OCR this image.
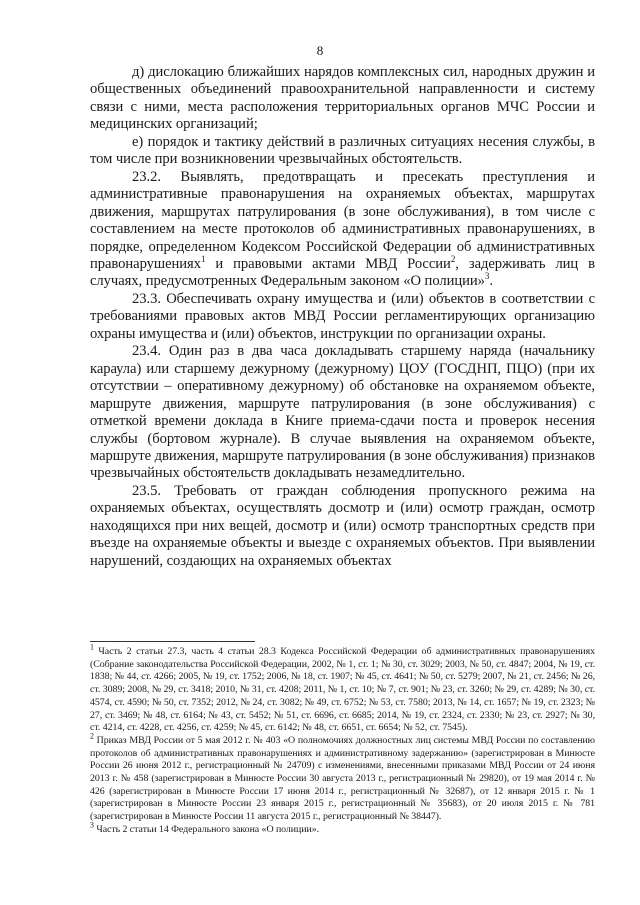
8

д) дислокацию ближайших нарядов комплексных сил, народных дружин и общественных объединений правоохранительной направленности и систему связи с ними, места расположения территориальных органов МЧС России и медицинских организаций;

е) порядок и тактику действий в различных ситуациях несения службы, в том числе при возникновении чрезвычайных обстоятельств.

23.2. Выявлять, предотвращать и пресекать преступления и административные правонарушения на охраняемых объектах, маршрутах движения, маршрутах патрулирования (в зоне обслуживания), в том числе с составлением на месте протоколов об административных правонарушениях, в порядке, определенном Кодексом Российской Федерации об административных правонарушениях$^1$ и правовыми актами МВД России$^2$, задерживать лиц в случаях, предусмотренных Федеральным законом «О полиции»$^3$.

23.3. Обеспечивать охрану имущества и (или) объектов в соответствии с требованиями правовых актов МВД России регламентирующих организацию охраны имущества и (или) объектов, инструкции по организации охраны.

23.4. Один раз в два часа докладывать старшему наряда (начальнику караула) или старшему дежурному (дежурному) ЦОУ (ГОСДНП, ПЦО) (при их отсутствии – оперативному дежурному) об обстановке на охраняемом объекте, маршруте движения, маршруте патрулирования (в зоне обслуживания) с отметкой времени доклада в Книге приема-сдачи поста и проверок несения службы (бортовом журнале). В случае выявления на охраняемом объекте, маршруте движения, маршруте патрулирования (в зоне обслуживания) признаков чрезвычайных обстоятельств докладывать незамедлительно.

23.5. Требовать от граждан соблюдения пропускного режима на охраняемых объектах, осуществлять досмотр и (или) осмотр граждан, осмотр находящихся при них вещей, досмотр и (или) осмотр транспортных средств при въезде на охраняемые объекты и выезде с охраняемых объектов. При выявлении нарушений, создающих на охраняемых объектах

$^1$ Часть 2 статьи 27.3, часть 4 статьи 28.3 Кодекса Российской Федерации об административных правонарушениях (Собрание законодательства Российской Федерации, 2002, № 1, ст. 1; № 30, ст. 3029; 2003, № 50, ст. 4847; 2004, № 19, ст. 1838; № 44, ст. 4266; 2005, № 19, ст. 1752; 2006, № 18, ст. 1907; № 45, ст. 4641; № 50, ст. 5279; 2007, № 21, ст. 2456; № 26, ст. 3089; 2008, № 29, ст. 3418; 2010, № 31, ст. 4208; 2011, № 1, ст. 10; № 7, ст. 901; № 23, ст. 3260; № 29, ст. 4289; № 30, ст. 4574, ст. 4590; № 50, ст. 7352; 2012, № 24, ст. 3082; № 49, ст. 6752; № 53, ст. 7580; 2013, № 14, ст. 1657; № 19, ст. 2323; № 27, ст. 3469; № 48, ст. 6164; № 43, ст. 5452; № 51, ст. 6696, ст. 6685; 2014, № 19, ст. 2324, ст. 2330; № 23, ст. 2927; № 30, ст. 4214, ст. 4228, ст. 4256, ст. 4259; № 45, ст. 6142; № 48, ст. 6651, ст. 6654; № 52, ст. 7545).

$^2$ Приказ МВД России от 5 мая 2012 г. № 403 «О полномочиях должностных лиц системы МВД России по составлению протоколов об административных правонарушениях и административному задержанию» (зарегистрирован в Минюсте России 26 июня 2012 г., регистрационный № 24709) с изменениями, внесенными приказами МВД России от 24 июня 2013 г. № 458 (зарегистрирован в Минюсте России 30 августа 2013 г., регистрационный № 29820), от 19 мая 2014 г. № 426 (зарегистрирован в Минюсте России 17 июня 2014 г., регистрационный № 32687), от 12 января 2015 г. № 1 (зарегистрирован в Минюсте России 23 января 2015 г., регистрационный № 35683), от 20 июля 2015 г. № 781 (зарегистрирован в Минюсте России 11 августа 2015 г., регистрационный № 38447).

$^3$ Часть 2 статьи 14 Федерального закона «О полиции».
